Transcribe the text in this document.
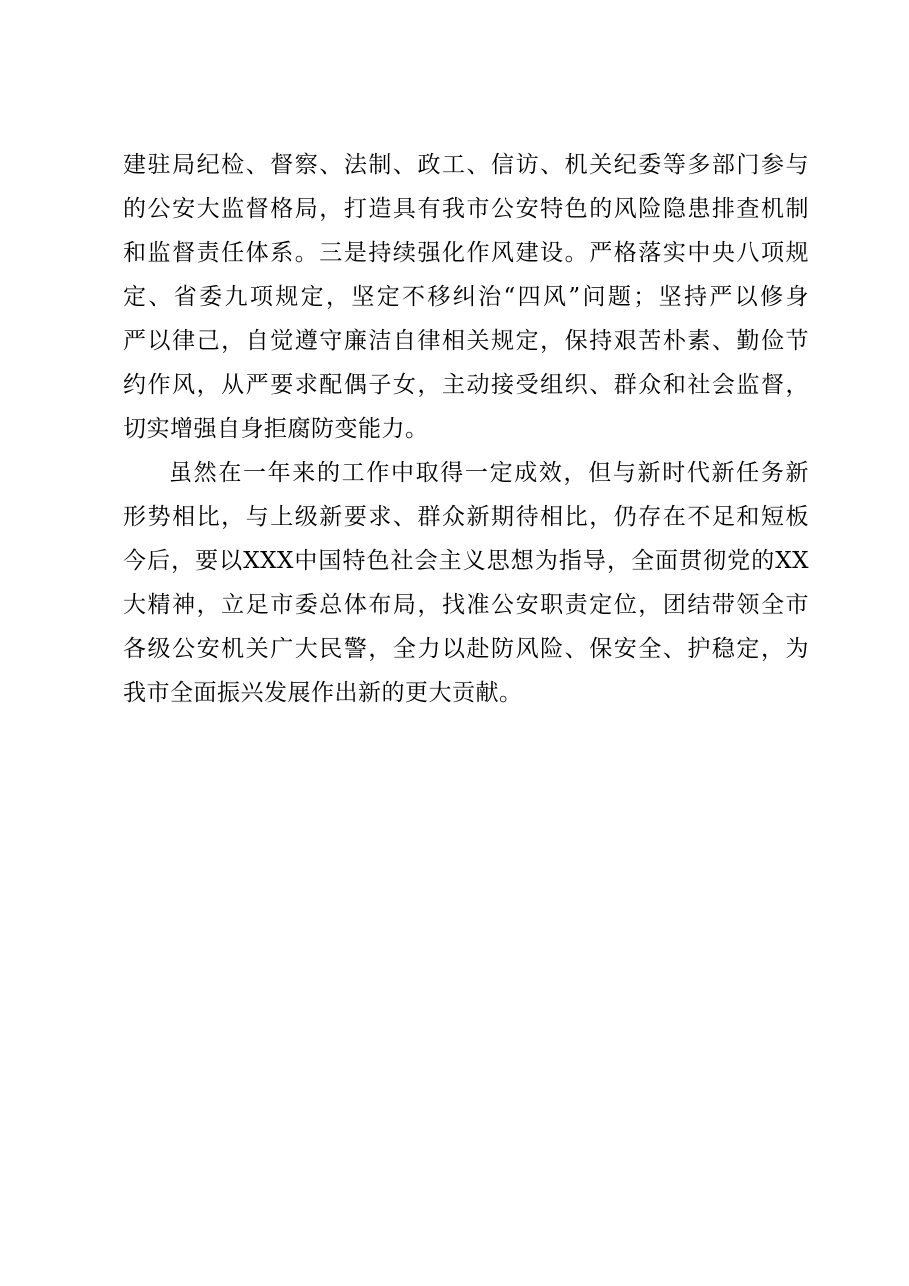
建驻局纪检、督察、法制、政工、信访、机关纪委等多部门参与
的公安大监督格局，打造具有我市公安特色的风险隐患排查机制
和监督责任体系。三是持续强化作风建设。严格落实中央八项规
定、省委九项规定，坚定不移纠治“四风”问题；坚持严以修身
严以律己，自觉遵守廉洁自律相关规定，保持艰苦朴素、勤俭节
约作风，从严要求配偶子女，主动接受组织、群众和社会监督，
切实增强自身拒腐防变能力。
虽然在一年来的工作中取得一定成效，但与新时代新任务新
形势相比，与上级新要求、群众新期待相比，仍存在不足和短板
今后，要以XXX中国特色社会主义思想为指导，全面贯彻党的XX
大精神，立足市委总体布局，找准公安职责定位，团结带领全市
各级公安机关广大民警，全力以赴防风险、保安全、护稳定，为
我市全面振兴发展作出新的更大贡献。
